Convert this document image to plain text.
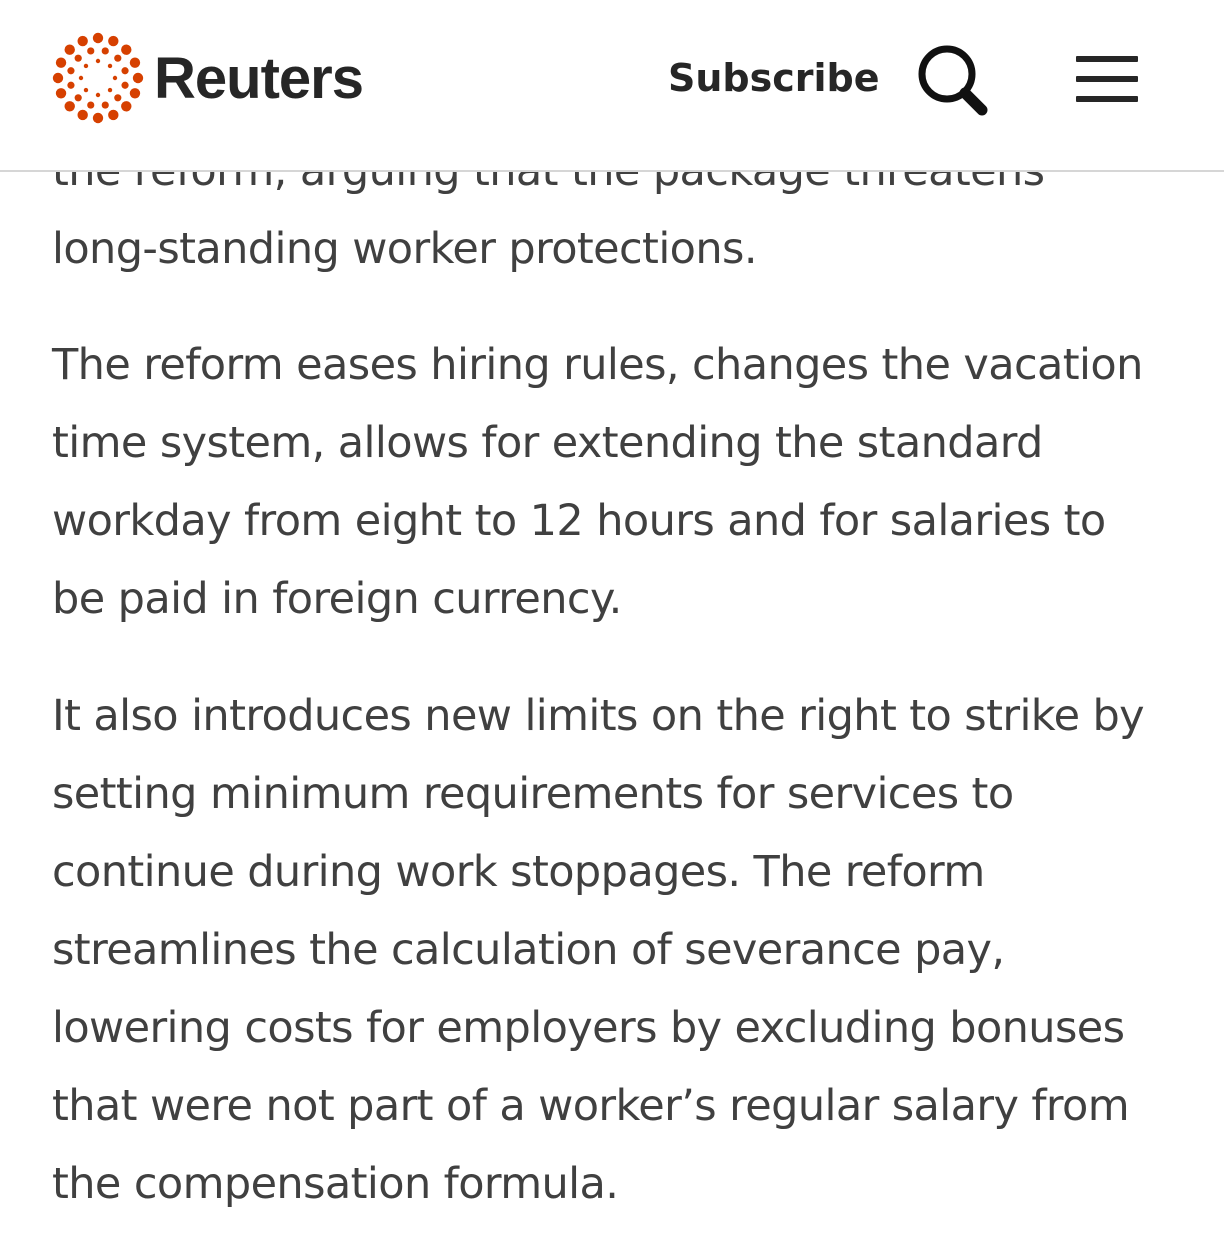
Reuters	Subscribe

long-standing worker protections.

The reform eases hiring rules, changes the vacation
time system, allows for extending the standard
workday from eight to 12 hours and for salaries to
be paid in foreign currency.

It also introduces new limits on the right to strike by
setting minimum requirements for services to
continue during work stoppages. The reform
streamlines the calculation of severance pay,
lowering costs for employers by excluding bonuses
that were not part of a worker’s regular salary from
the compensation formula.
